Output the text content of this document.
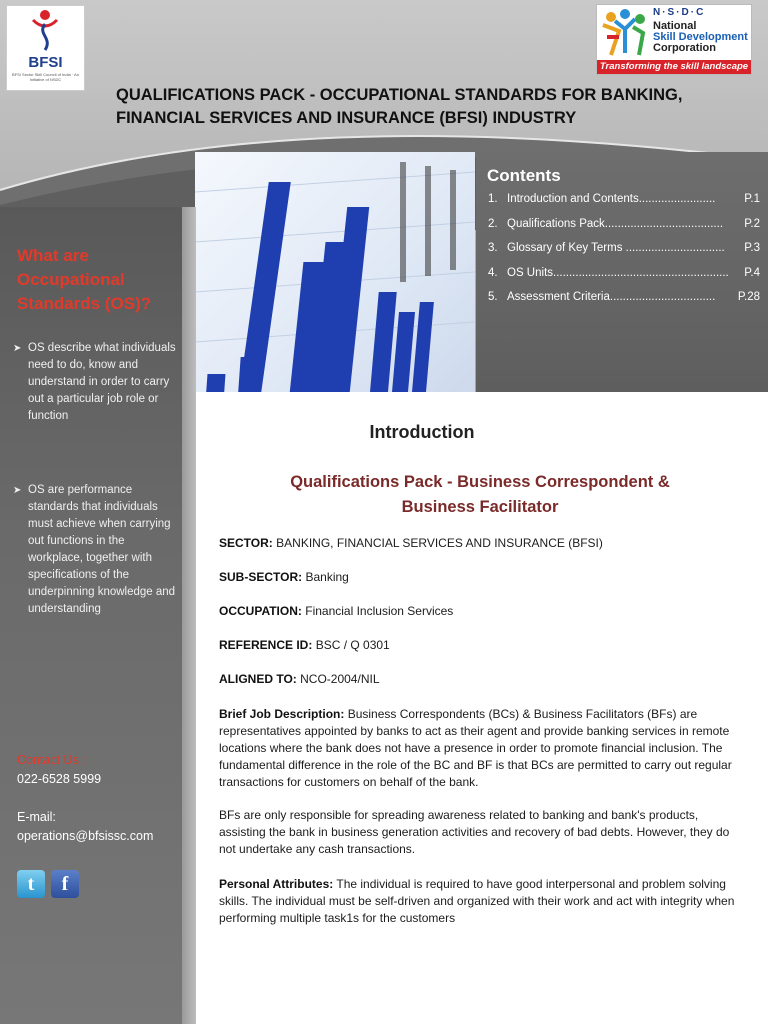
BFSI
BFSI Sector Skill Council of India · An Initiative of NSDC
N·S·D·C
National
Skill Development
Corporation
Transforming the skill landscape
QUALIFICATIONS PACK - OCCUPATIONAL STANDARDS FOR BANKING,
FINANCIAL SERVICES AND INSURANCE (BFSI) INDUSTRY
Contents
1. Introduction and Contents........................	P.1
2. Qualifications Pack..................................... P.2
3. Glossary of Key Terms ............................... P.3
4. OS Units....................................................... P.4
5. Assessment Criteria................................. P.28
What are
Occupational
Standards (OS)?
➤ OS describe what individuals need to do, know and understand in order to carry out a particular job role or function
➤ OS are performance standards that individuals must achieve when carrying out functions in the workplace, together with specifications of the underpinning knowledge and understanding
Contact Us :
022-6528 5999
E-mail:
operations@bfsissc.com
t	f
Introduction
Qualifications Pack - Business Correspondent &
Business Facilitator
SECTOR: BANKING, FINANCIAL SERVICES AND INSURANCE (BFSI)
SUB-SECTOR: Banking
OCCUPATION: Financial Inclusion Services
REFERENCE ID: BSC / Q 0301
ALIGNED TO: NCO-2004/NIL
Brief Job Description: Business Correspondents (BCs) & Business Facilitators (BFs) are representatives appointed by banks to act as their agent and provide banking services in remote locations where the bank does not have a presence in order to promote financial inclusion. The fundamental difference in the role of the BC and BF is that BCs are permitted to carry out regular transactions for customers on behalf of the bank.
BFs are only responsible for spreading awareness related to banking and bank's products, assisting the bank in business generation activities and recovery of bad debts. However, they do not undertake any cash transactions.
Personal Attributes: The individual is required to have good interpersonal and problem solving skills. The individual must be self-driven and organized with their work and act with integrity when performing multiple task1s for the customers
